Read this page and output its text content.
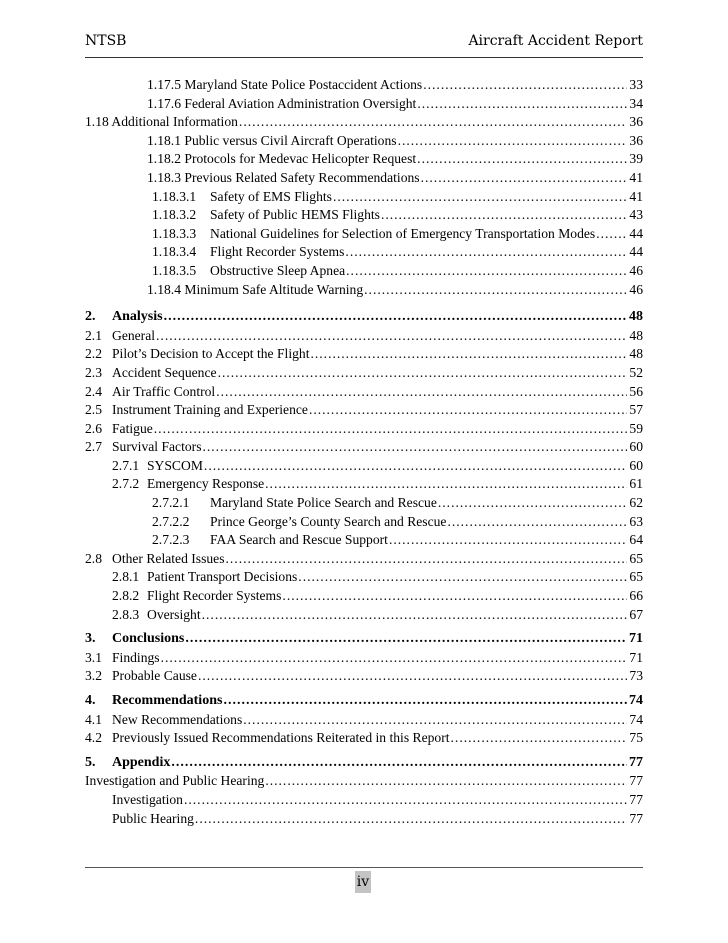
NTSB	Aircraft Accident Report
1.17.5 Maryland State Police Postaccident Actions .....	33
1.17.6 Federal Aviation Administration Oversight .....	34
1.18 Additional Information .....	36
1.18.1 Public versus Civil Aircraft Operations .....	36
1.18.2 Protocols for Medevac Helicopter Request .....	39
1.18.3 Previous Related Safety Recommendations .....	41
1.18.3.1	Safety of EMS Flights .....	41
1.18.3.2	Safety of Public HEMS Flights .....	43
1.18.3.3	National Guidelines for Selection of Emergency Transportation Modes .....	44
1.18.3.4	Flight Recorder Systems .....	44
1.18.3.5	Obstructive Sleep Apnea .....	46
1.18.4 Minimum Safe Altitude Warning .....	46
2.	Analysis .....	48
2.1 General .....	48
2.2 Pilot’s Decision to Accept the Flight .....	48
2.3 Accident Sequence .....	52
2.4 Air Traffic Control .....	56
2.5 Instrument Training and Experience .....	57
2.6 Fatigue .....	59
2.7 Survival Factors .....	60
2.7.1 SYSCOM .....	60
2.7.2 Emergency Response .....	61
2.7.2.1	Maryland State Police Search and Rescue .....	62
2.7.2.2	Prince George’s County Search and Rescue .....	63
2.7.2.3	FAA Search and Rescue Support .....	64
2.8 Other Related Issues .....	65
2.8.1 Patient Transport Decisions .....	65
2.8.2 Flight Recorder Systems .....	66
2.8.3 Oversight .....	67
3.	Conclusions .....	71
3.1 Findings .....	71
3.2 Probable Cause .....	73
4.	Recommendations .....	74
4.1 New Recommendations .....	74
4.2 Previously Issued Recommendations Reiterated in this Report .....	75
5.	Appendix .....	77
Investigation and Public Hearing .....	77
Investigation .....	77
Public Hearing .....	77
iv
